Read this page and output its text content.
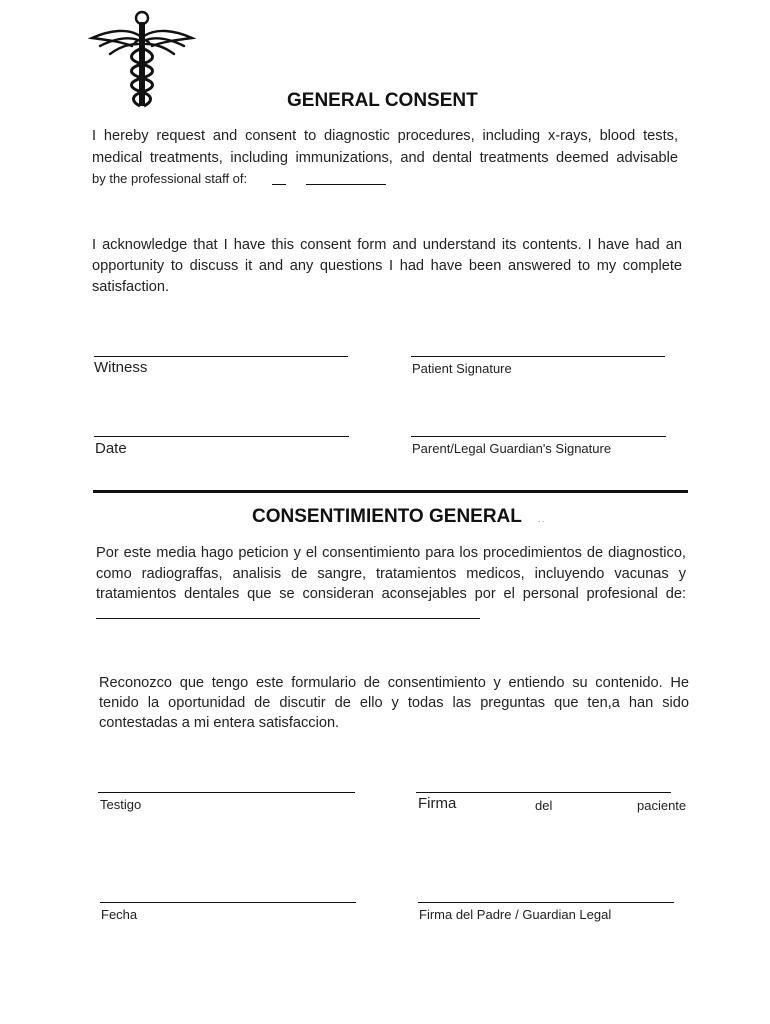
GENERAL CONSENT
I hereby request and consent to diagnostic procedures, including x-rays, blood tests,
medical treatments, including immunizations, and dental treatments deemed advisable
by the professional staff of:
I acknowledge that I have this consent form and understand its contents. I have had an
opportunity to discuss it and any questions I had have been answered to my complete
satisfaction.
Witness	Patient Signature
Date	Parent/Legal Guardian's Signature
CONSENTIMIENTO GENERAL ..
Por este media hago peticion y el consentimiento para los procedimientos de diagnostico,
como radiograffas, analisis de sangre, tratamientos medicos, incluyendo vacunas y
tratamientos dentales que se consideran aconsejables por el personal profesional de:
Reconozco que tengo este formulario de consentimiento y entiendo su contenido. He
tenido la oportunidad de discutir de ello y todas las preguntas que ten,a han sido
contestadas a mi entera satisfaccion.
Testigo	Firma	del	paciente
Fecha	Firma del Padre / Guardian Legal
